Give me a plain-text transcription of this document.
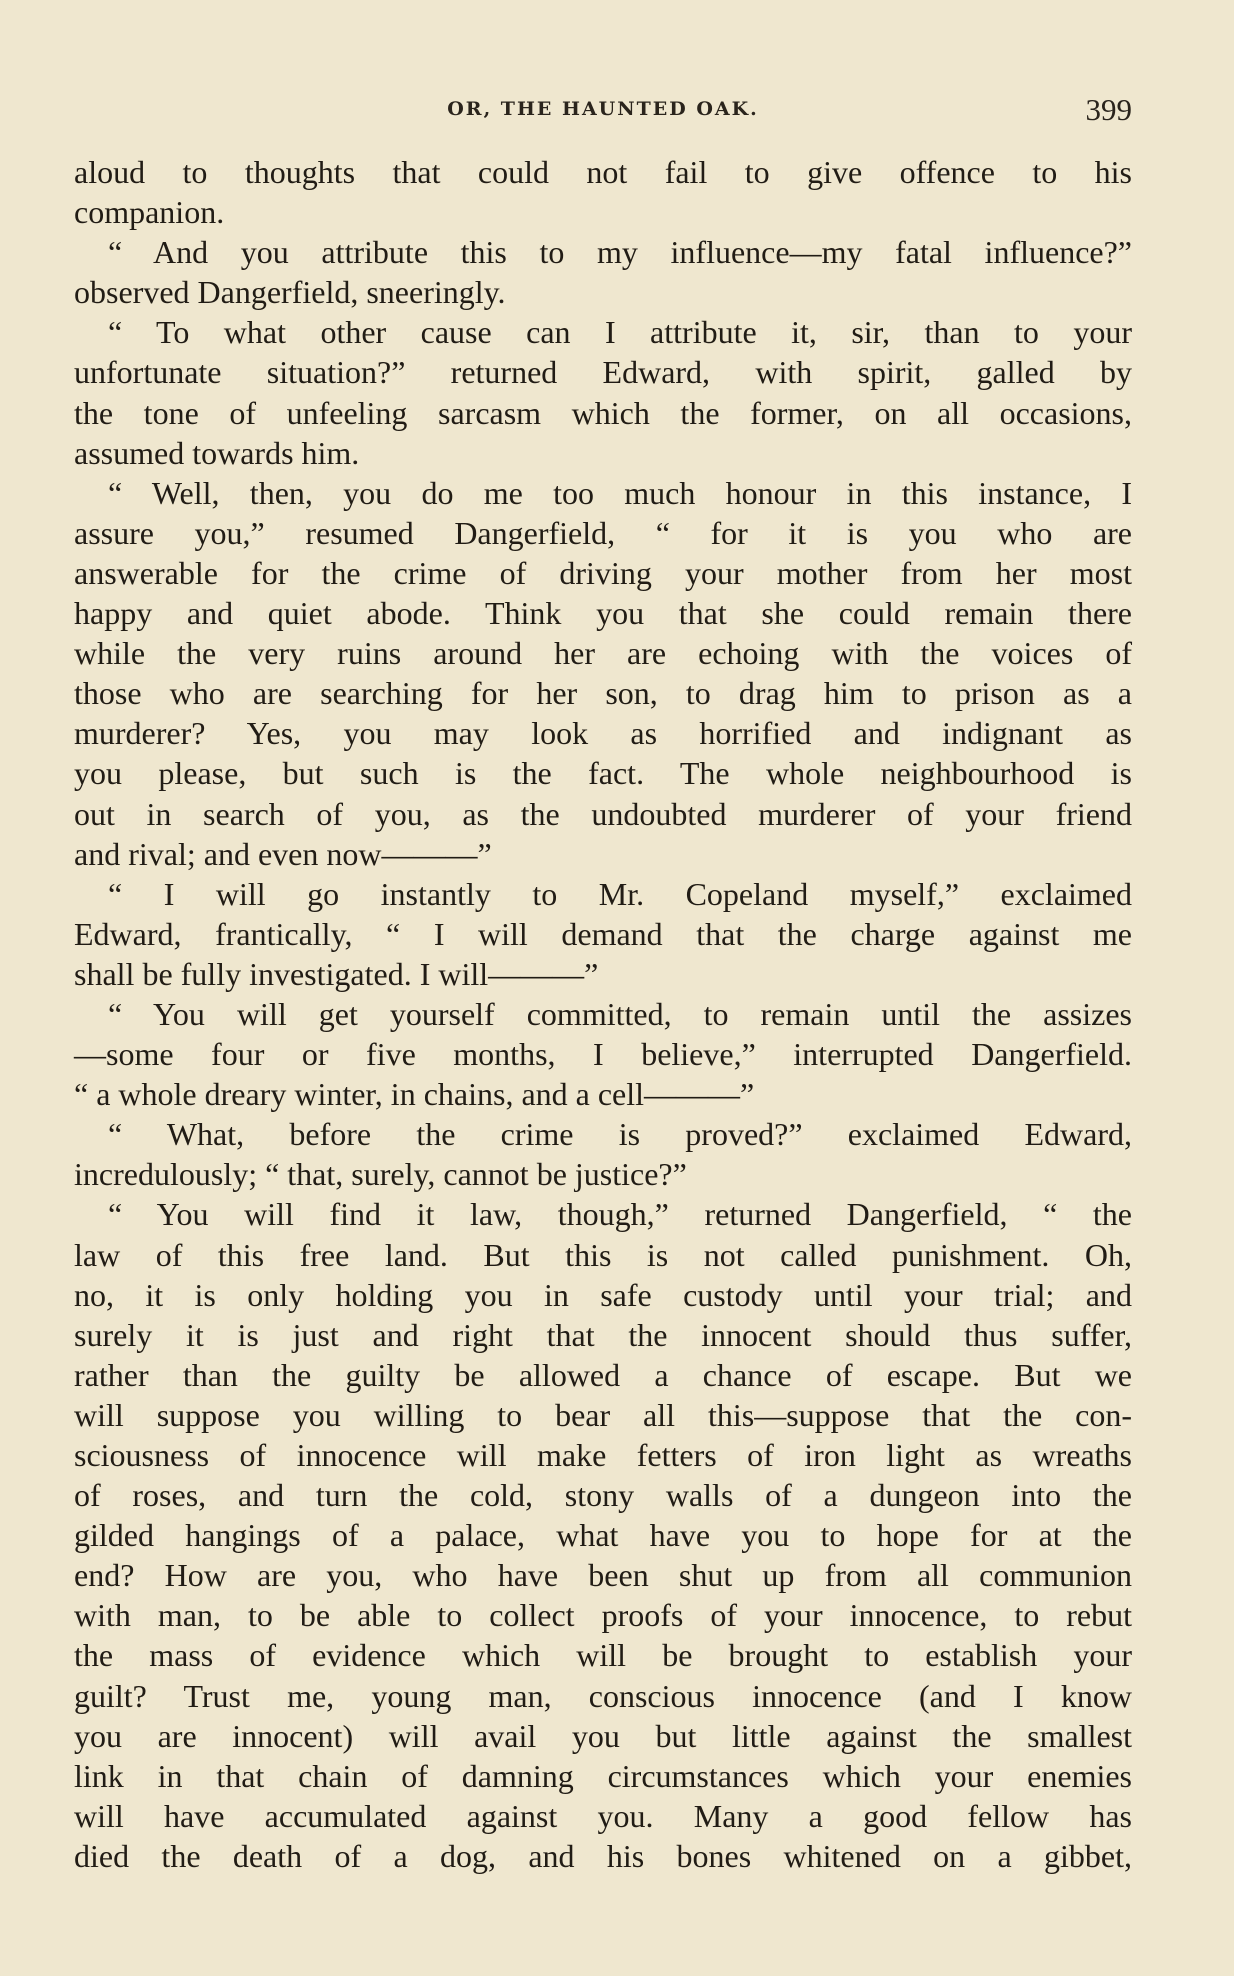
OR, THE HAUNTED OAK.	399
aloud to thoughts that could not fail to give offence to his
companion.
“ And you attribute this to my influence—my fatal influence?”
observed Dangerfield, sneeringly.
“ To what other cause can I attribute it, sir, than to your
unfortunate situation?” returned Edward, with spirit, galled by
the tone of unfeeling sarcasm which the former, on all occasions,
assumed towards him.
“ Well, then, you do me too much honour in this instance, I
assure you,” resumed Dangerfield, “ for it is you who are
answerable for the crime of driving your mother from her most
happy and quiet abode. Think you that she could remain there
while the very ruins around her are echoing with the voices of
those who are searching for her son, to drag him to prison as a
murderer? Yes, you may look as horrified and indignant as
you please, but such is the fact. The whole neighbourhood is
out in search of you, as the undoubted murderer of your friend
and rival; and even now———”
“ I will go instantly to Mr. Copeland myself,” exclaimed
Edward, frantically, “ I will demand that the charge against me
shall be fully investigated. I will———”
“ You will get yourself committed, to remain until the assizes
—some four or five months, I believe,” interrupted Dangerfield.
“ a whole dreary winter, in chains, and a cell———”
“ What, before the crime is proved?” exclaimed Edward,
incredulously; “ that, surely, cannot be justice?”
“ You will find it law, though,” returned Dangerfield, “ the
law of this free land. But this is not called punishment. Oh,
no, it is only holding you in safe custody until your trial; and
surely it is just and right that the innocent should thus suffer,
rather than the guilty be allowed a chance of escape. But we
will suppose you willing to bear all this—suppose that the con-
sciousness of innocence will make fetters of iron light as wreaths
of roses, and turn the cold, stony walls of a dungeon into the
gilded hangings of a palace, what have you to hope for at the
end? How are you, who have been shut up from all communion
with man, to be able to collect proofs of your innocence, to rebut
the mass of evidence which will be brought to establish your
guilt? Trust me, young man, conscious innocence (and I know
you are innocent) will avail you but little against the smallest
link in that chain of damning circumstances which your enemies
will have accumulated against you. Many a good fellow has
died the death of a dog, and his bones whitened on a gibbet,
